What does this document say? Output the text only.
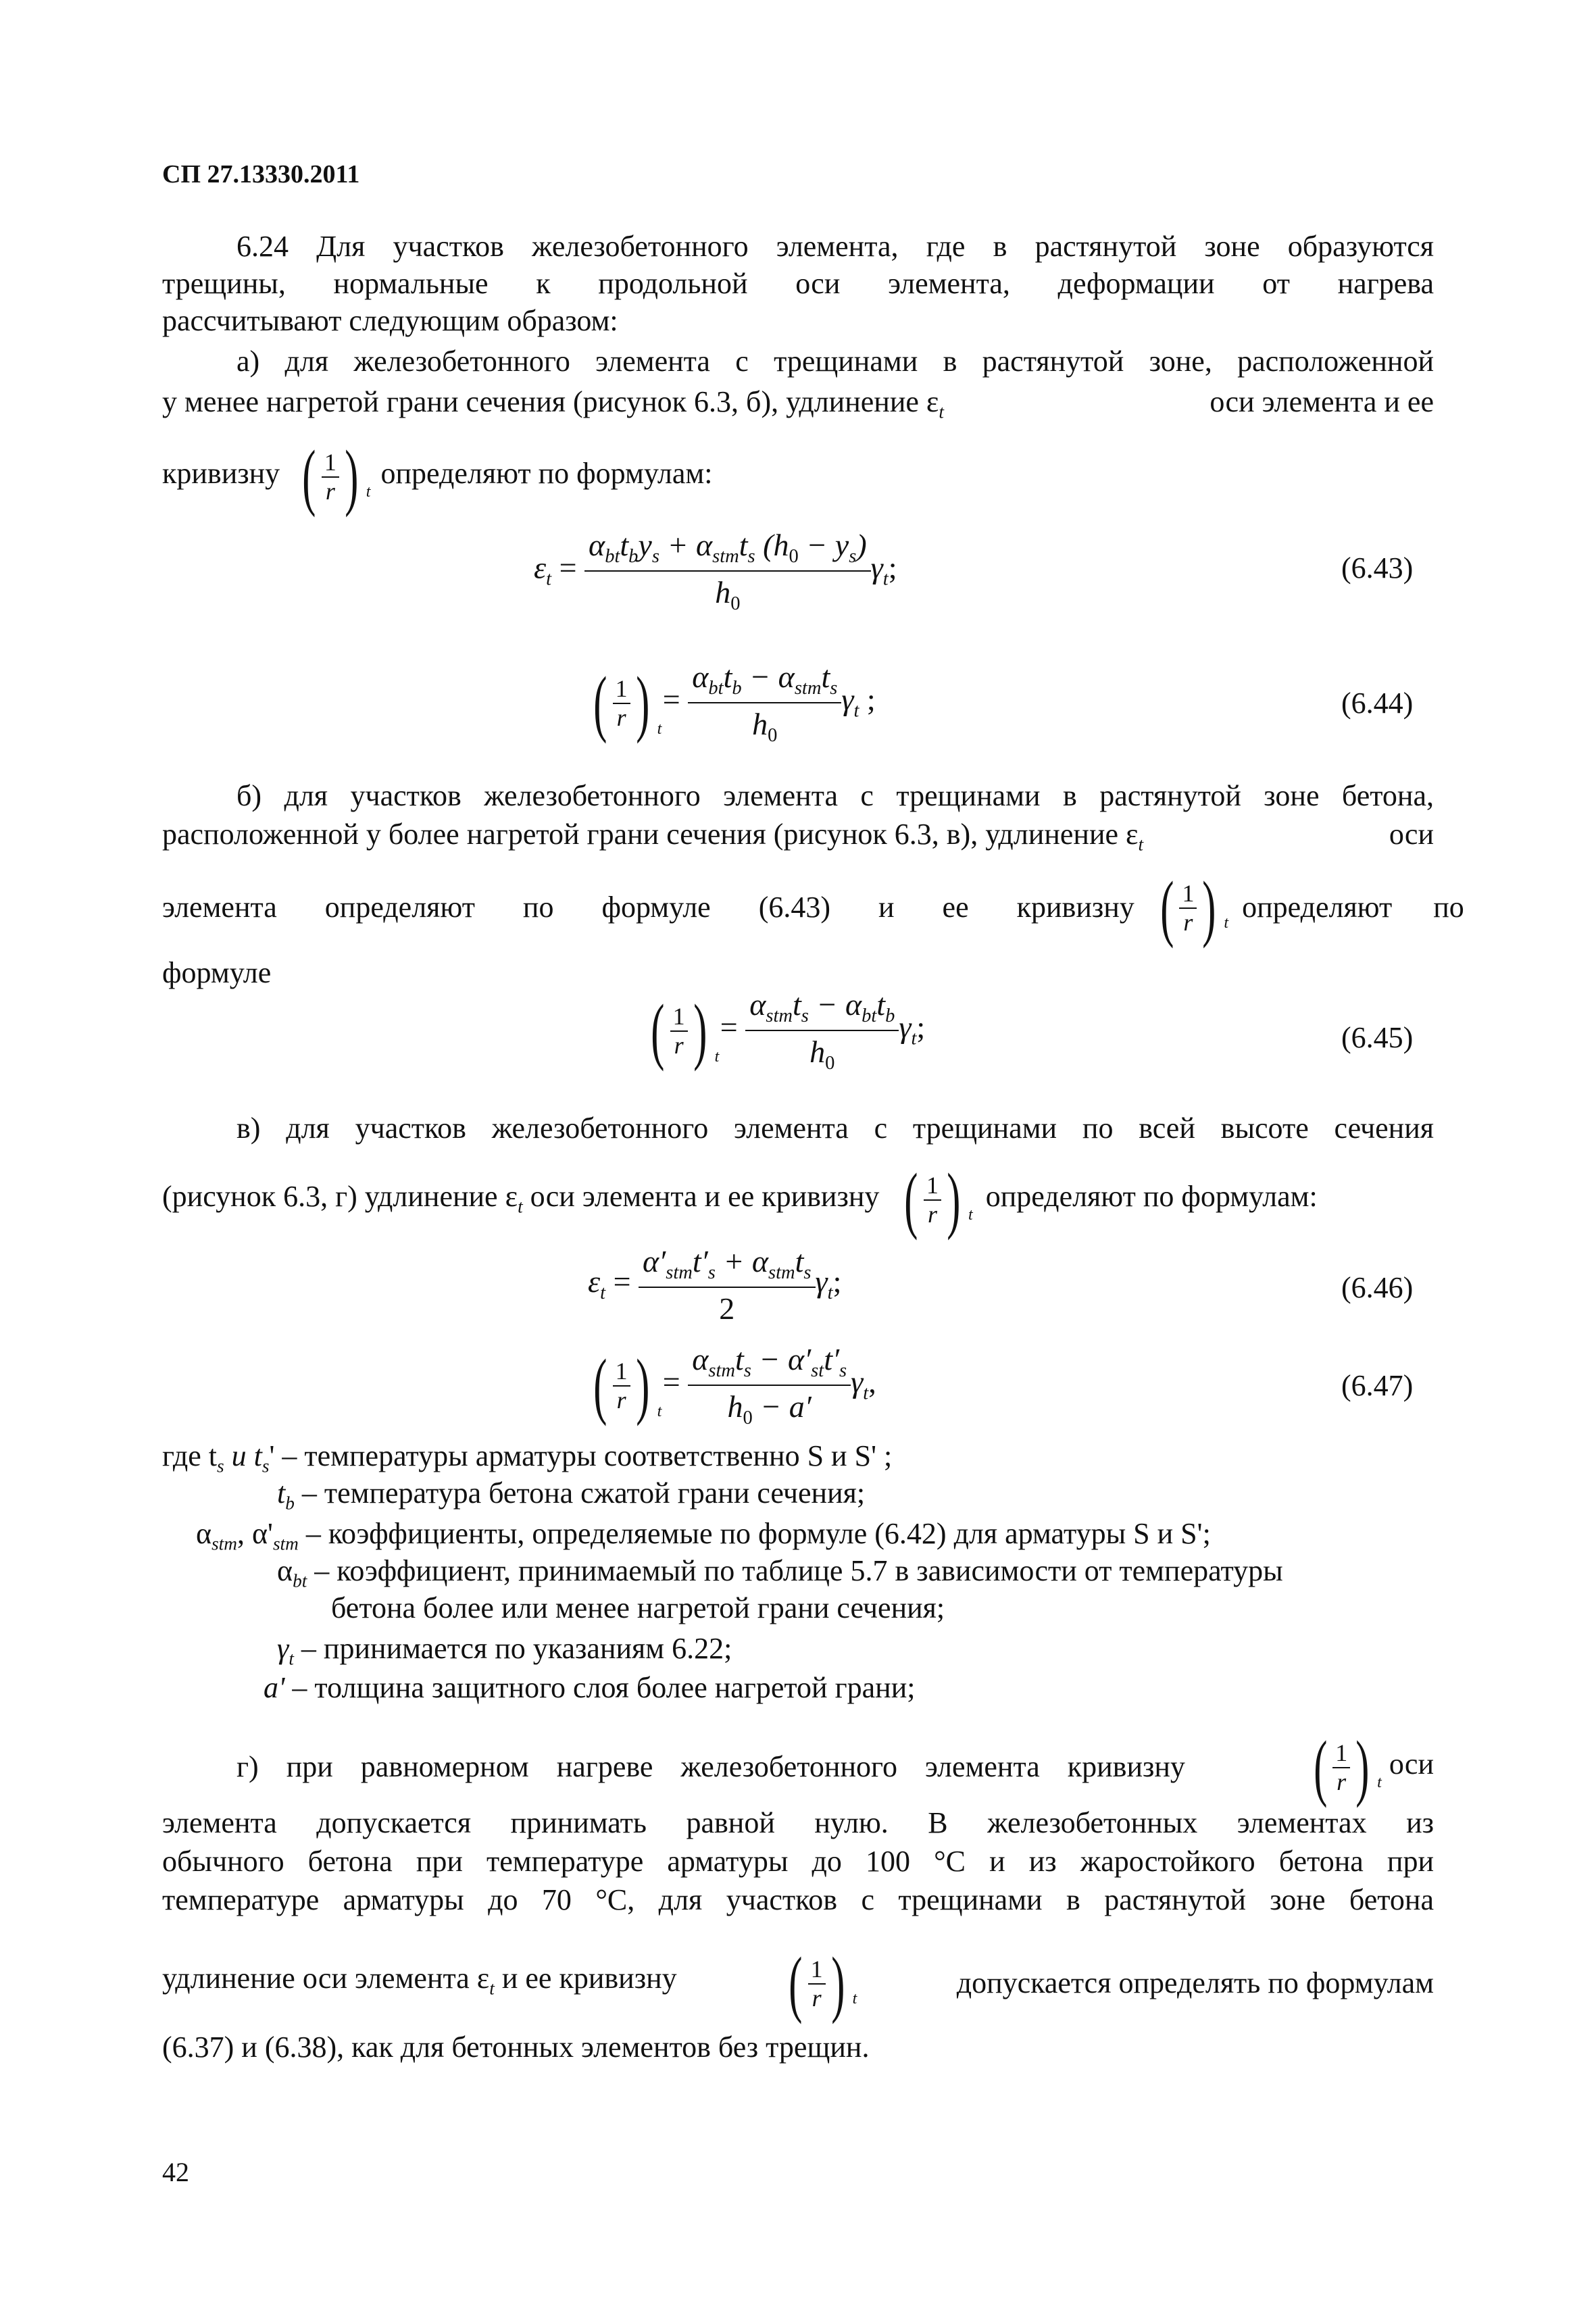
СП 27.13330.2011
6.24 Для участков железобетонного элемента, где в растянутой зоне образуются
трещины, нормальные к продольной оси элемента, деформации от нагрева
рассчитывают следующим образом:
а) для железобетонного элемента с трещинами в растянутой зоне, расположенной
у менее нагретой грани сечения (рисунок 6.3, б), удлинение $\varepsilon_t$	оси элемента и ее
кривизну ( $\frac{1}{r}$ ) t
определяют по формулам:
$\varepsilon_t = \frac{\alpha_{bt}t_by_s + \alpha_{stm}t_s (h_0 - y_s)}{h_0} \gamma_t$;	(6.43)
( $\frac{1}{r}$ ) t
= $\frac{\alpha_{bt}t_b - \alpha_{stm}t_s}{h_0} \gamma_t$ ;	(6.44)
б) для участков железобетонного элемента с трещинами в растянутой зоне бетона,
расположенной у более нагретой грани сечения (рисунок 6.3, в), удлинение $\varepsilon_t$	оси
элемента определяют по формуле (6.43) и ее кривизну ( $\frac{1}{r}$ ) t определяют по
формуле
( $\frac{1}{r}$ ) t
= $\frac{\alpha_{stm}t_s - \alpha_{bt}t_b}{h_0} \gamma_t$;	(6.45)
в) для участков железобетонного элемента с трещинами по всей высоте сечения
(рисунок 6.3, г) удлинение $\varepsilon_t$ оси элемента и ее кривизну ( $\frac{1}{r}$ ) t
определяют по формулам:
$\varepsilon_t = \frac{\alpha'_{stm}t'_s + \alpha_{stm}t_s}{2} \gamma_t$;	(6.46)
( $\frac{1}{r}$ ) t
= $\frac{\alpha_{stm}t_s - \alpha'_{st}t'_s}{h_0 - a'} \gamma_t$,	(6.47)
где $t_s$ и $t_s'$ – температуры арматуры соответственно S и S' ;
$t_b$ – температура бетона сжатой грани сечения;
$\alpha_{stm}$, $\alpha'_{stm}$ – коэффициенты, определяемые по формуле (6.42) для арматуры S и S';
$\alpha_{bt}$ – коэффициент, принимаемый по таблице 5.7 в зависимости от температуры
бетона более или менее нагретой грани сечения;
$\gamma_t$ – принимается по указаниям 6.22;
a' – толщина защитного слоя более нагретой грани;
г) при равномерном нагреве железобетонного элемента кривизну ( $\frac{1}{r}$ ) t
оси
элемента допускается принимать равной нулю. В железобетонных элементах из
обычного бетона при температуре арматуры до 100 °С и из жаростойкого бетона при
температуре арматуры до 70 °С, для участков с трещинами в растянутой зоне бетона
удлинение оси элемента $\varepsilon_t$ и ее кривизну ( $\frac{1}{r}$ ) t	допускается определять по формулам
(6.37) и (6.38), как для бетонных элементов без трещин.
42
